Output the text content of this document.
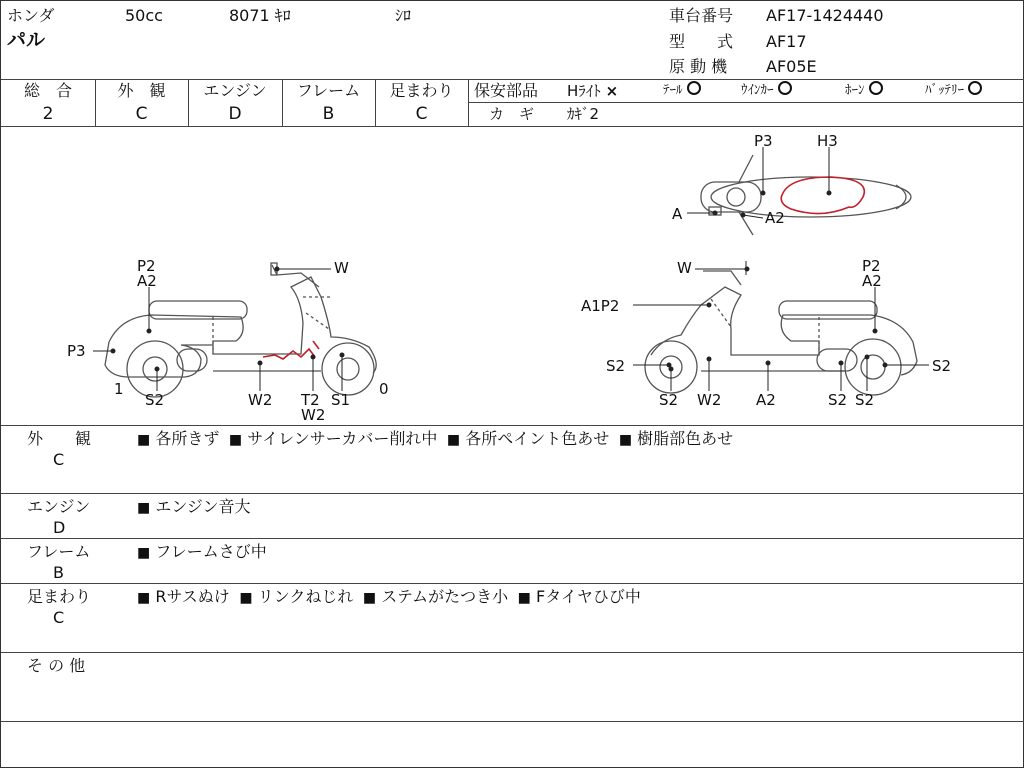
ホンダ
パル
50cc	8071 ｷﾛ	ｼﾛ	車台番号 AF17-1424440
型　　式 AF17
原 動 機 AF05E
総　合
2
外　観
C
エンジン
D
フレーム
B
足まわり
C
保安部品 Hﾗｲﾄ ×	ﾃｰﾙ	ｳｲﾝｶｰ	ﾎｰﾝ	ﾊﾞｯﾃﾘｰ
カ　ギ ｶｷﾞ2
P3	H3
A	A2
P2
A2
W
P3
1	0
S2	W2 T2
W2
S1
W	P2
A2
A1P2
S2	S2
S2 W2 A2	S2 S2
外　　観
C
■ 各所きず  ■ サイレンサーカバー削れ中  ■ 各所ペイント色あせ  ■ 樹脂部色あせ
エンジン
D
■ エンジン音大
フレーム
B
■ フレームさび中
足まわり
C
■ Rサスぬけ  ■ リンクねじれ  ■ ステムがたつき小  ■ Fタイヤひび中
そ の 他
